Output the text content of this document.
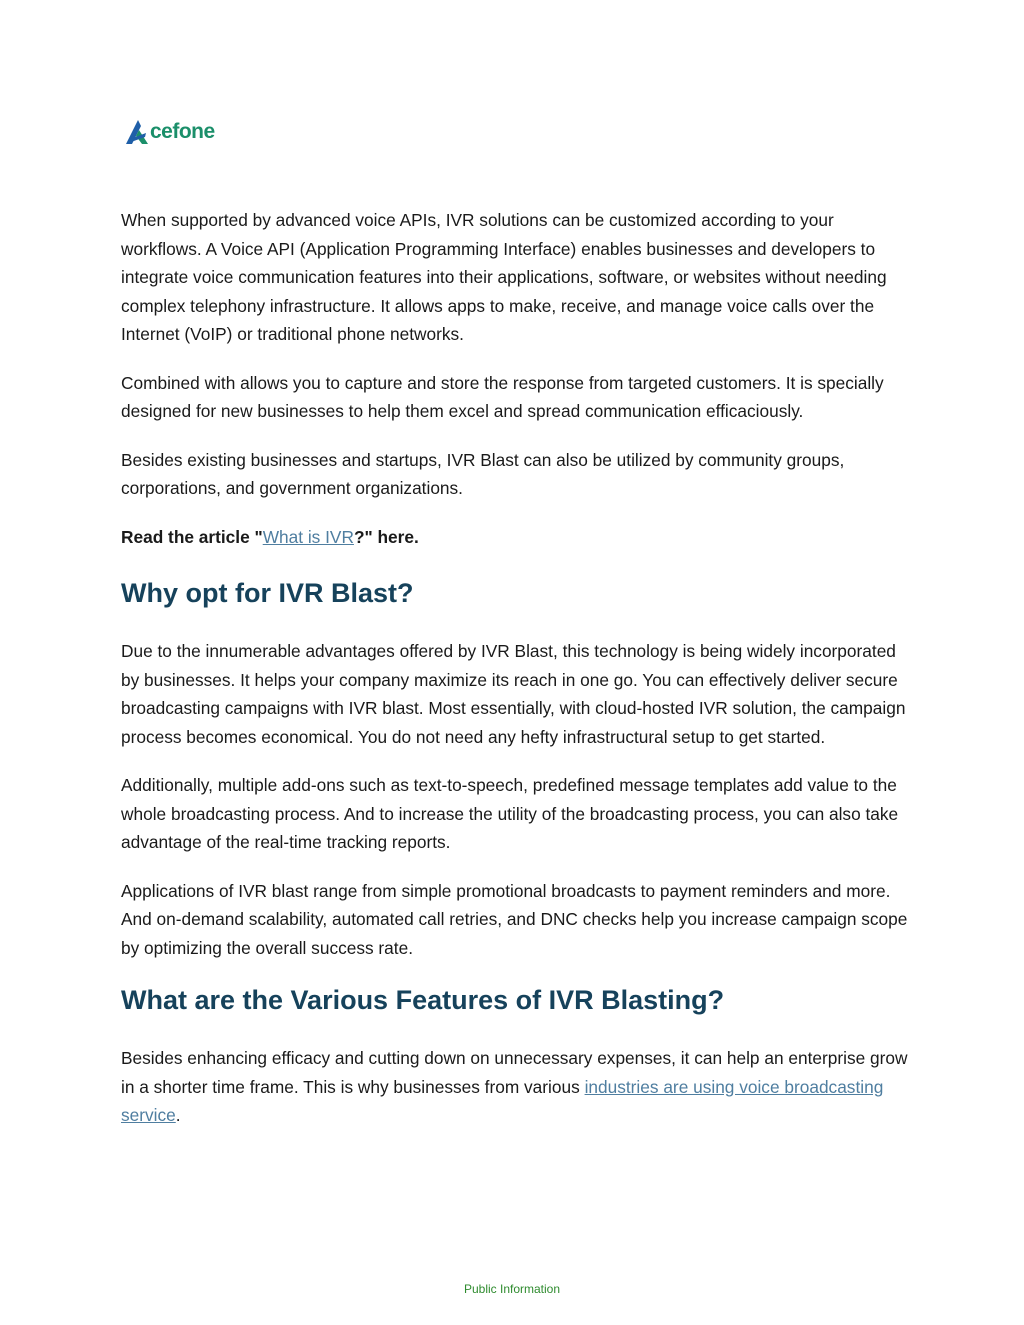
cefone

When supported by advanced voice APIs, IVR solutions can be customized according to your workflows. A Voice API (Application Programming Interface) enables businesses and developers to integrate voice communication features into their applications, software, or websites without needing complex telephony infrastructure. It allows apps to make, receive, and manage voice calls over the Internet (VoIP) or traditional phone networks.

Combined with allows you to capture and store the response from targeted customers. It is specially designed for new businesses to help them excel and spread communication efficaciously.

Besides existing businesses and startups, IVR Blast can also be utilized by community groups, corporations, and government organizations.

Read the article "What is IVR?" here.

Why opt for IVR Blast?

Due to the innumerable advantages offered by IVR Blast, this technology is being widely incorporated by businesses. It helps your company maximize its reach in one go. You can effectively deliver secure broadcasting campaigns with IVR blast. Most essentially, with cloud-hosted IVR solution, the campaign process becomes economical. You do not need any hefty infrastructural setup to get started.

Additionally, multiple add-ons such as text-to-speech, predefined message templates add value to the whole broadcasting process. And to increase the utility of the broadcasting process, you can also take advantage of the real-time tracking reports.

Applications of IVR blast range from simple promotional broadcasts to payment reminders and more. And on-demand scalability, automated call retries, and DNC checks help you increase campaign scope by optimizing the overall success rate.

What are the Various Features of IVR Blasting?

Besides enhancing efficacy and cutting down on unnecessary expenses, it can help an enterprise grow in a shorter time frame. This is why businesses from various industries are using voice broadcasting service.

Public Information
